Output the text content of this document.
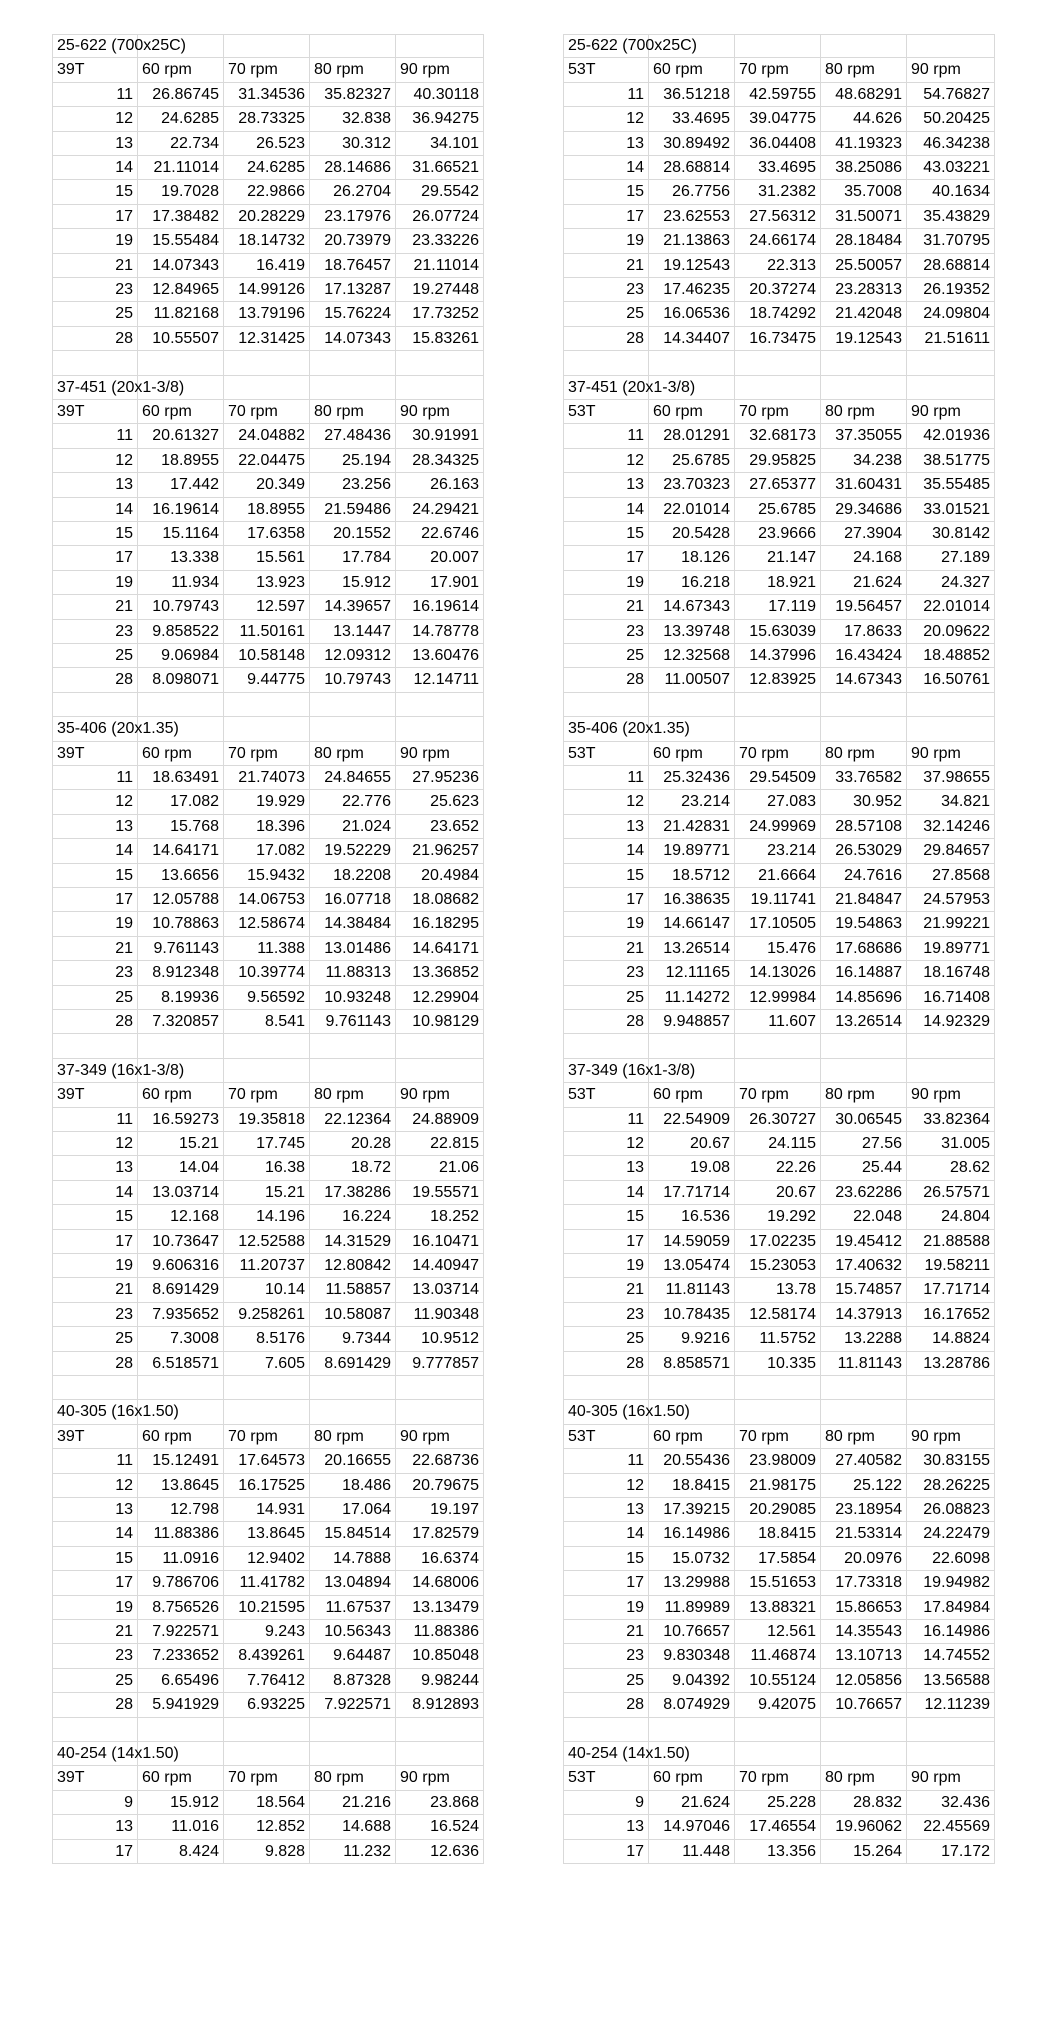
25-622 (700x25C)
39T	60 rpm	70 rpm	80 rpm	90 rpm
11	26.86745	31.34536	35.82327	40.30118
12	24.6285	28.73325	32.838	36.94275
13	22.734	26.523	30.312	34.101
14	21.11014	24.6285	28.14686	31.66521
15	19.7028	22.9866	26.2704	29.5542
17	17.38482	20.28229	23.17976	26.07724
19	15.55484	18.14732	20.73979	23.33226
21	14.07343	16.419	18.76457	21.11014
23	12.84965	14.99126	17.13287	19.27448
25	11.82168	13.79196	15.76224	17.73252
28	10.55507	12.31425	14.07343	15.83261
37-451 (20x1-3/8)
39T	60 rpm	70 rpm	80 rpm	90 rpm
11	20.61327	24.04882	27.48436	30.91991
12	18.8955	22.04475	25.194	28.34325
13	17.442	20.349	23.256	26.163
14	16.19614	18.8955	21.59486	24.29421
15	15.1164	17.6358	20.1552	22.6746
17	13.338	15.561	17.784	20.007
19	11.934	13.923	15.912	17.901
21	10.79743	12.597	14.39657	16.19614
23	9.858522	11.50161	13.1447	14.78778
25	9.06984	10.58148	12.09312	13.60476
28	8.098071	9.44775	10.79743	12.14711
35-406 (20x1.35)
39T	60 rpm	70 rpm	80 rpm	90 rpm
11	18.63491	21.74073	24.84655	27.95236
12	17.082	19.929	22.776	25.623
13	15.768	18.396	21.024	23.652
14	14.64171	17.082	19.52229	21.96257
15	13.6656	15.9432	18.2208	20.4984
17	12.05788	14.06753	16.07718	18.08682
19	10.78863	12.58674	14.38484	16.18295
21	9.761143	11.388	13.01486	14.64171
23	8.912348	10.39774	11.88313	13.36852
25	8.19936	9.56592	10.93248	12.29904
28	7.320857	8.541	9.761143	10.98129
37-349 (16x1-3/8)
39T	60 rpm	70 rpm	80 rpm	90 rpm
11	16.59273	19.35818	22.12364	24.88909
12	15.21	17.745	20.28	22.815
13	14.04	16.38	18.72	21.06
14	13.03714	15.21	17.38286	19.55571
15	12.168	14.196	16.224	18.252
17	10.73647	12.52588	14.31529	16.10471
19	9.606316	11.20737	12.80842	14.40947
21	8.691429	10.14	11.58857	13.03714
23	7.935652	9.258261	10.58087	11.90348
25	7.3008	8.5176	9.7344	10.9512
28	6.518571	7.605	8.691429	9.777857
40-305 (16x1.50)
39T	60 rpm	70 rpm	80 rpm	90 rpm
11	15.12491	17.64573	20.16655	22.68736
12	13.8645	16.17525	18.486	20.79675
13	12.798	14.931	17.064	19.197
14	11.88386	13.8645	15.84514	17.82579
15	11.0916	12.9402	14.7888	16.6374
17	9.786706	11.41782	13.04894	14.68006
19	8.756526	10.21595	11.67537	13.13479
21	7.922571	9.243	10.56343	11.88386
23	7.233652	8.439261	9.64487	10.85048
25	6.65496	7.76412	8.87328	9.98244
28	5.941929	6.93225	7.922571	8.912893
40-254 (14x1.50)
39T	60 rpm	70 rpm	80 rpm	90 rpm
9	15.912	18.564	21.216	23.868
13	11.016	12.852	14.688	16.524
17	8.424	9.828	11.232	12.636
25-622 (700x25C)
53T	60 rpm	70 rpm	80 rpm	90 rpm
11	36.51218	42.59755	48.68291	54.76827
12	33.4695	39.04775	44.626	50.20425
13	30.89492	36.04408	41.19323	46.34238
14	28.68814	33.4695	38.25086	43.03221
15	26.7756	31.2382	35.7008	40.1634
17	23.62553	27.56312	31.50071	35.43829
19	21.13863	24.66174	28.18484	31.70795
21	19.12543	22.313	25.50057	28.68814
23	17.46235	20.37274	23.28313	26.19352
25	16.06536	18.74292	21.42048	24.09804
28	14.34407	16.73475	19.12543	21.51611
37-451 (20x1-3/8)
53T	60 rpm	70 rpm	80 rpm	90 rpm
11	28.01291	32.68173	37.35055	42.01936
12	25.6785	29.95825	34.238	38.51775
13	23.70323	27.65377	31.60431	35.55485
14	22.01014	25.6785	29.34686	33.01521
15	20.5428	23.9666	27.3904	30.8142
17	18.126	21.147	24.168	27.189
19	16.218	18.921	21.624	24.327
21	14.67343	17.119	19.56457	22.01014
23	13.39748	15.63039	17.8633	20.09622
25	12.32568	14.37996	16.43424	18.48852
28	11.00507	12.83925	14.67343	16.50761
35-406 (20x1.35)
53T	60 rpm	70 rpm	80 rpm	90 rpm
11	25.32436	29.54509	33.76582	37.98655
12	23.214	27.083	30.952	34.821
13	21.42831	24.99969	28.57108	32.14246
14	19.89771	23.214	26.53029	29.84657
15	18.5712	21.6664	24.7616	27.8568
17	16.38635	19.11741	21.84847	24.57953
19	14.66147	17.10505	19.54863	21.99221
21	13.26514	15.476	17.68686	19.89771
23	12.11165	14.13026	16.14887	18.16748
25	11.14272	12.99984	14.85696	16.71408
28	9.948857	11.607	13.26514	14.92329
37-349 (16x1-3/8)
53T	60 rpm	70 rpm	80 rpm	90 rpm
11	22.54909	26.30727	30.06545	33.82364
12	20.67	24.115	27.56	31.005
13	19.08	22.26	25.44	28.62
14	17.71714	20.67	23.62286	26.57571
15	16.536	19.292	22.048	24.804
17	14.59059	17.02235	19.45412	21.88588
19	13.05474	15.23053	17.40632	19.58211
21	11.81143	13.78	15.74857	17.71714
23	10.78435	12.58174	14.37913	16.17652
25	9.9216	11.5752	13.2288	14.8824
28	8.858571	10.335	11.81143	13.28786
40-305 (16x1.50)
53T	60 rpm	70 rpm	80 rpm	90 rpm
11	20.55436	23.98009	27.40582	30.83155
12	18.8415	21.98175	25.122	28.26225
13	17.39215	20.29085	23.18954	26.08823
14	16.14986	18.8415	21.53314	24.22479
15	15.0732	17.5854	20.0976	22.6098
17	13.29988	15.51653	17.73318	19.94982
19	11.89989	13.88321	15.86653	17.84984
21	10.76657	12.561	14.35543	16.14986
23	9.830348	11.46874	13.10713	14.74552
25	9.04392	10.55124	12.05856	13.56588
28	8.074929	9.42075	10.76657	12.11239
40-254 (14x1.50)
53T	60 rpm	70 rpm	80 rpm	90 rpm
9	21.624	25.228	28.832	32.436
13	14.97046	17.46554	19.96062	22.45569
17	11.448	13.356	15.264	17.172
